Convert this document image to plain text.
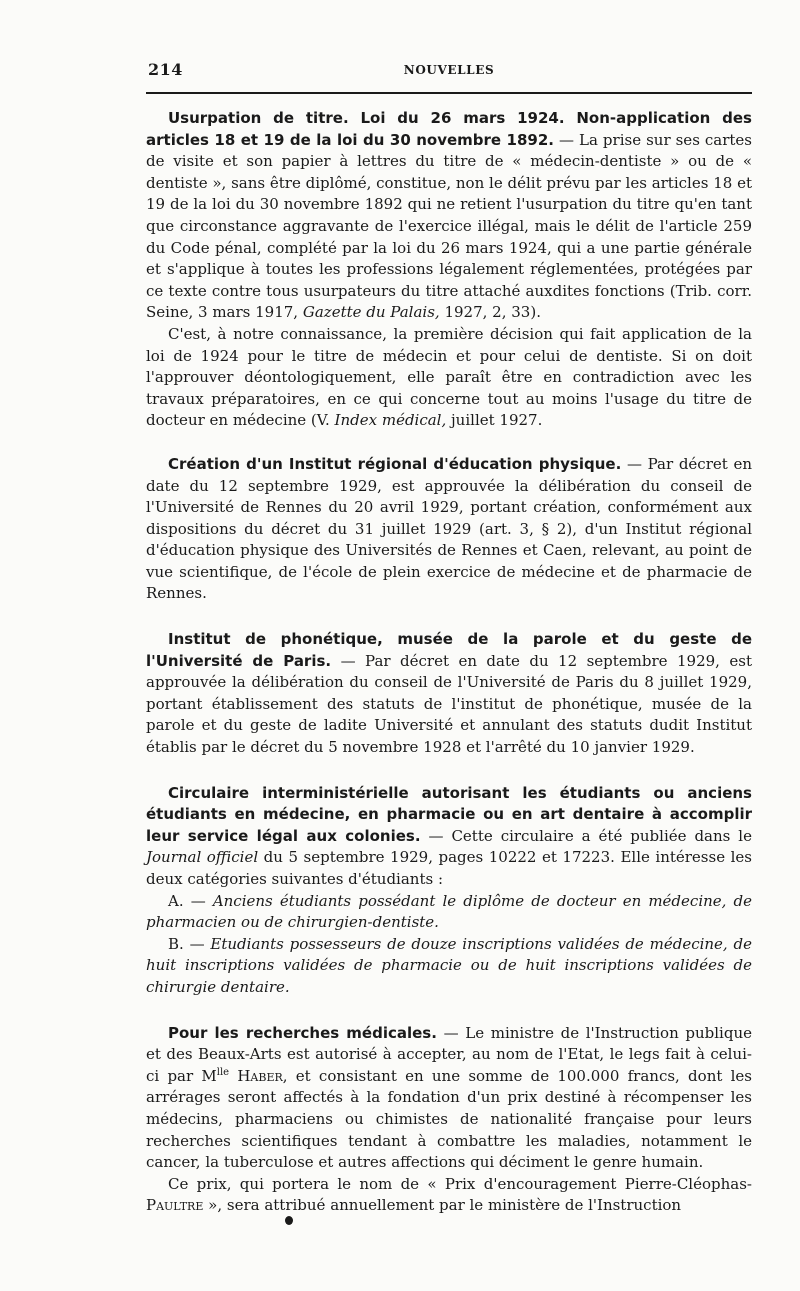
214	NOUVELLES

Usurpation de titre. Loi du 26 mars 1924. Non-application des articles 18 et 19 de la loi du 30 novembre 1892. — La prise sur ses cartes de visite et son papier à lettres du titre de « médecin-dentiste » ou de « dentiste », sans être diplômé, constitue, non le délit prévu par les articles 18 et 19 de la loi du 30 novembre 1892 qui ne retient l'usurpation du titre qu'en tant que circonstance aggravante de l'exercice illégal, mais le délit de l'article 259 du Code pénal, complété par la loi du 26 mars 1924, qui a une partie générale et s'applique à toutes les professions légalement réglementées, protégées par ce texte contre tous usurpateurs du titre attaché auxdites fonctions (Trib. corr. Seine, 3 mars 1917, Gazette du Palais, 1927, 2, 33).

C'est, à notre connaissance, la première décision qui fait application de la loi de 1924 pour le titre de médecin et pour celui de dentiste. Si on doit l'approuver déontologiquement, elle paraît être en contradiction avec les travaux préparatoires, en ce qui concerne tout au moins l'usage du titre de docteur en médecine (V. Index médical, juillet 1927.

Création d'un Institut régional d'éducation physique. — Par décret en date du 12 septembre 1929, est approuvée la délibération du conseil de l'Université de Rennes du 20 avril 1929, portant création, conformément aux dispositions du décret du 31 juillet 1929 (art. 3, § 2), d'un Institut régional d'éducation physique des Universités de Rennes et Caen, relevant, au point de vue scientifique, de l'école de plein exercice de médecine et de pharmacie de Rennes.

Institut de phonétique, musée de la parole et du geste de l'Université de Paris. — Par décret en date du 12 septembre 1929, est approuvée la délibération du conseil de l'Université de Paris du 8 juillet 1929, portant établissement des statuts de l'institut de phonétique, musée de la parole et du geste de ladite Université et annulant des statuts dudit Institut établis par le décret du 5 novembre 1928 et l'arrêté du 10 janvier 1929.

Circulaire interministérielle autorisant les étudiants ou anciens étudiants en médecine, en pharmacie ou en art dentaire à accomplir leur service légal aux colonies. — Cette circulaire a été publiée dans le Journal officiel du 5 septembre 1929, pages 10222 et 17223. Elle intéresse les deux catégories suivantes d'étudiants :

A. — Anciens étudiants possédant le diplôme de docteur en médecine, de pharmacien ou de chirurgien-dentiste.

B. — Etudiants possesseurs de douze inscriptions validées de médecine, de huit inscriptions validées de pharmacie ou de huit inscriptions validées de chirurgie dentaire.

Pour les recherches médicales. — Le ministre de l'Instruction publique et des Beaux-Arts est autorisé à accepter, au nom de l'Etat, le legs fait à celui-ci par $M^{lle}$ Haber, et consistant en une somme de 100.000 francs, dont les arrérages seront affectés à la fondation d'un prix destiné à récompenser les médecins, pharmaciens ou chimistes de nationalité française pour leurs recherches scientifiques tendant à combattre les maladies, notamment le cancer, la tuberculose et autres affections qui déciment le genre humain.

Ce prix, qui portera le nom de « Prix d'encouragement Pierre-Cléophas-Paultre », sera attribué annuellement par le ministère de l'Instruction
